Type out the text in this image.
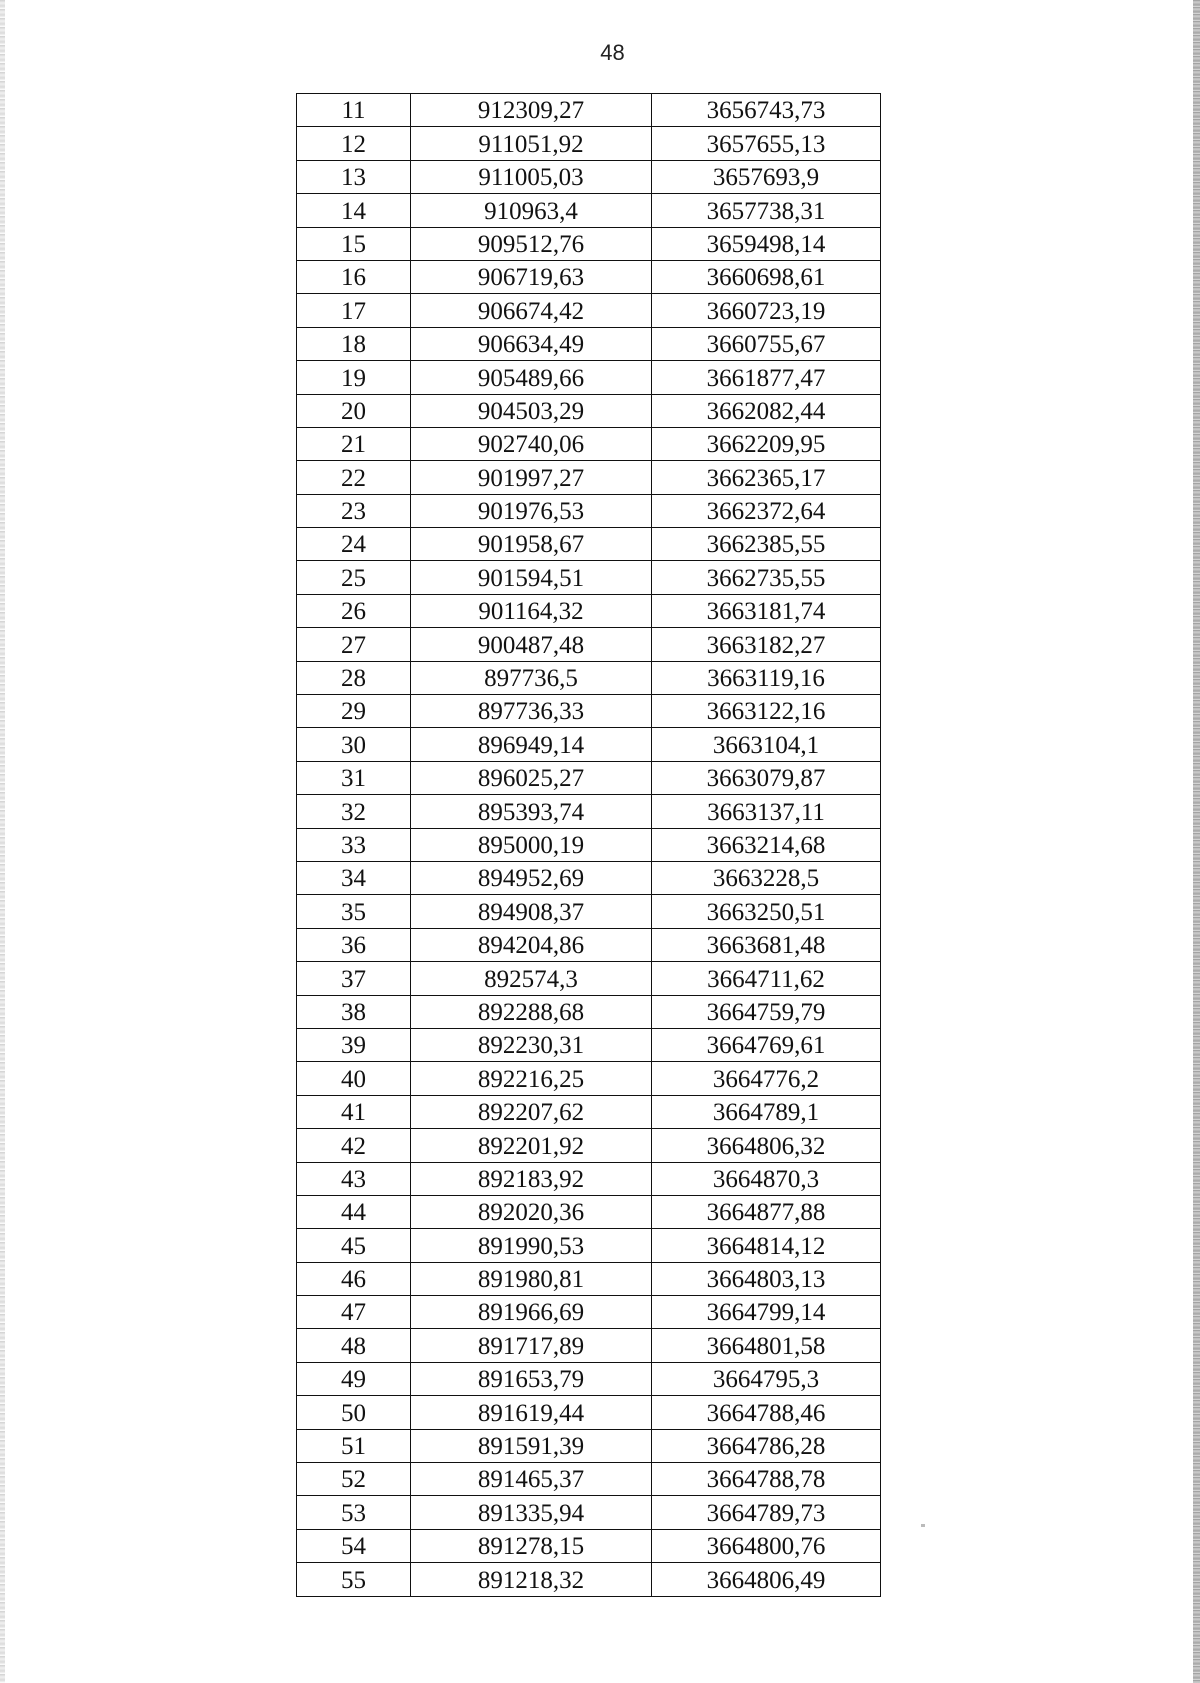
48
11	912309,27	3656743,73
12	911051,92	3657655,13
13	911005,03	3657693,9
14	910963,4	3657738,31
15	909512,76	3659498,14
16	906719,63	3660698,61
17	906674,42	3660723,19
18	906634,49	3660755,67
19	905489,66	3661877,47
20	904503,29	3662082,44
21	902740,06	3662209,95
22	901997,27	3662365,17
23	901976,53	3662372,64
24	901958,67	3662385,55
25	901594,51	3662735,55
26	901164,32	3663181,74
27	900487,48	3663182,27
28	897736,5	3663119,16
29	897736,33	3663122,16
30	896949,14	3663104,1
31	896025,27	3663079,87
32	895393,74	3663137,11
33	895000,19	3663214,68
34	894952,69	3663228,5
35	894908,37	3663250,51
36	894204,86	3663681,48
37	892574,3	3664711,62
38	892288,68	3664759,79
39	892230,31	3664769,61
40	892216,25	3664776,2
41	892207,62	3664789,1
42	892201,92	3664806,32
43	892183,92	3664870,3
44	892020,36	3664877,88
45	891990,53	3664814,12
46	891980,81	3664803,13
47	891966,69	3664799,14
48	891717,89	3664801,58
49	891653,79	3664795,3
50	891619,44	3664788,46
51	891591,39	3664786,28
52	891465,37	3664788,78
53	891335,94	3664789,73
54	891278,15	3664800,76
55	891218,32	3664806,49
